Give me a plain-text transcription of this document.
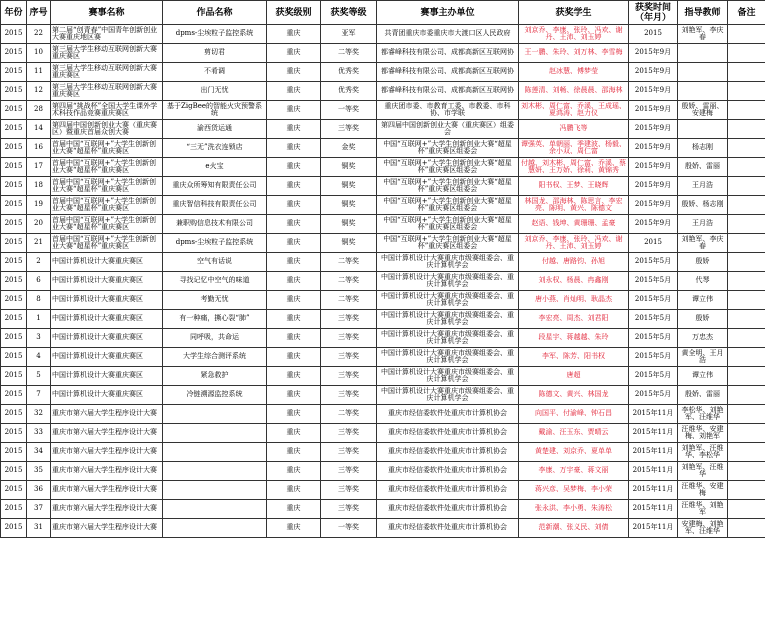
年份	序号	赛事名称	作品名称	获奖级别	获奖等级	赛事主办单位	获奖学生	获奖时间（年月）	指导教师	备注
2015	22	第二届“创青春”中国青年创新创业大赛重庆地区赛	dpms-尘埃粒子监控系统	重庆	亚军	共青团重庆市委重庆市大渡口区人民政府	刘京乔、李康、张玲、冯欢、谢丹、王沛、刘玉婷	2015	刘艳军、李庆春	
2015	10	第三届大学生移动互联网创新大赛重庆赛区	剪切君	重庆	二等奖	都睿峰科技有限公司、成都高新区互联网协	王一鹏、朱玲、刘万林、李雪梅	2015年9月		
2015	11	第三届大学生移动互联网创新大赛重庆赛区	不肴调	重庆	优秀奖	都睿峰科技有限公司、成都高新区互联网协	赵冰慧、傅梦莹	2015年9月		
2015	12	第三届大学生移动互联网创新大赛重庆赛区	出门无忧	重庆	优秀奖	都睿峰科技有限公司、成都高新区互联网协	陈莲清、刘畅、徐晨晨、邵海林	2015年9月		
2015	28	第四届“挑战杯”全国大学生课外学术科技作品竞赛重庆赛区	基于ZigBee的智能火灾预警系统	重庆	一等奖	重庆团市委、市教育工委、市教委、市科协、市学联	刘木彬、周仁富、乔溪、王成瑶、夏鸿涛、赵力仪	2015年9月	殷娇、雷丽、安建梅	
2015	14	第四届中国创新创业大赛（重庆赛区）暨重庆首届众创大赛	渝西货运通	重庆	三等奖	第四届中国创新创业大赛（重庆赛区）组委会	冯鹏飞等	2015年9月		
2015	16	首届中国“互联网+”大学生创新创业大赛“超星杯”重庆赛区	“三无”洗衣连锁店	重庆	金奖	中国“互联网+”大学生创新创业大赛“超星杯”重庆赛区组委会	谭强英、单朝丽、季建波、杨毅、余小双、周仁富	2015年9月	杨志刚	
2015	17	首届中国“互联网+”大学生创新创业大赛“超星杯”重庆赛区	e火宝	重庆	铜奖	中国“互联网+”大学生创新创业大赛“超星杯”重庆赛区组委会	付越、刘木彬、周仁富、乔溪、蔡慧妍、王万娇、徐莉、黄锦秀	2015年9月	殷娇、雷丽	
2015	18	首届中国“互联网+”大学生创新创业大赛“超星杯”重庆赛区	重庆众所筹知有限责任公司	重庆	铜奖	中国“互联网+”大学生创新创业大赛“超星杯”重庆赛区组委会	阳书权、王梦、王晓辉	2015年9月	王月浩	
2015	19	首届中国“互联网+”大学生创新创业大赛“超星杯”重庆赛区	重庆智信科技有限责任公司	重庆	铜奖	中国“互联网+”大学生创新创业大赛“超星杯”重庆赛区组委会	林国龙、邵海林、陈思言、李宏亮、陈明、黄兴、陈德文	2015年9月	殷娇、杨志刚	
2015	20	首届中国“互联网+”大学生创新创业大赛“超星杯”重庆赛区	兼职购信息技术有限公司	重庆	铜奖	中国“互联网+”大学生创新创业大赛“超星杯”重庆赛区组委会	赵语、钱坤、黄珊珊、孟豪	2015年9月	王月浩	
2015	21	首届中国“互联网+”大学生创新创业大赛“超星杯”重庆赛区	dpms-尘埃粒子监控系统	重庆	铜奖	中国“互联网+”大学生创新创业大赛“超星杯”重庆赛区组委会	刘京乔、李康、张玲、冯欢、谢丹、王沛、刘玉婷	2015	刘艳军、李庆春	
2015	2	中国计算机设计大赛重庆赛区	空气有话说	重庆	二等奖	中国计算机设计大赛重庆市级赛组委会、重庆计算机学会	付越、唐路钧、孙旭	2015年5月	殷娇	
2015	6	中国计算机设计大赛重庆赛区	寻找记忆中空气的味道	重庆	二等奖	中国计算机设计大赛重庆市级赛组委会、重庆计算机学会	刘永权、杨晨、冉鑫刚	2015年5月	代琴	
2015	8	中国计算机设计大赛重庆赛区	考勤无忧	重庆	二等奖	中国计算机设计大赛重庆市级赛组委会、重庆计算机学会	唐小燕、肖灿明、耿晶杰	2015年5月	谭立伟	
2015	1	中国计算机设计大赛重庆赛区	有一种痛，撕心裂“肺”	重庆	三等奖	中国计算机设计大赛重庆市级赛组委会、重庆计算机学会	李宏亮、周杰、刘君阳	2015年5月	殷娇	
2015	3	中国计算机设计大赛重庆赛区	同呼吸，共命运	重庆	三等奖	中国计算机设计大赛重庆市级赛组委会、重庆计算机学会	段星宇、蒋越越、朱玲	2015年5月	万忠杰	
2015	4	中国计算机设计大赛重庆赛区	大学生综合测评系统	重庆	三等奖	中国计算机设计大赛重庆市级赛组委会、重庆计算机学会	李军、陈芳、阳书权	2015年5月	黄全明、王月浩	
2015	5	中国计算机设计大赛重庆赛区	紧急救护	重庆	三等奖	中国计算机设计大赛重庆市级赛组委会、重庆计算机学会	唐超	2015年5月	谭立伟	
2015	7	中国计算机设计大赛重庆赛区	冷链溯源监控系统	重庆	三等奖	中国计算机设计大赛重庆市级赛组委会、重庆计算机学会	陈德文、黄兴、林国龙	2015年5月	殷娇、雷丽	
2015	32	重庆市第六届大学生程序设计大赛		重庆	二等奖	重庆市经信委软件处重庆市计算机协会	向国平、付渝峰、钟石昌	2015年11月	李松华、刘艳军、汪维华	
2015	33	重庆市第六届大学生程序设计大赛		重庆	三等奖	重庆市经信委软件处重庆市计算机协会	戴渝、汪玉东、贾晴云	2015年11月	汪维华、安建梅、刘艳军	
2015	34	重庆市第六届大学生程序设计大赛		重庆	三等奖	重庆市经信委软件处重庆市计算机协会	黄楚建、刘京乔、夏单单	2015年11月	刘艳军、汪维华、李松华	
2015	35	重庆市第六届大学生程序设计大赛		重庆	三等奖	重庆市经信委软件处重庆市计算机协会	李康、万宇豪、蒋文丽	2015年11月	刘艳军、汪维华	
2015	36	重庆市第六届大学生程序设计大赛		重庆	三等奖	重庆市经信委软件处重庆市计算机协会	蒋兴彦、吴梦梅、李小荣	2015年11月	汪维华、安建梅	
2015	37	重庆市第六届大学生程序设计大赛		重庆	三等奖	重庆市经信委软件处重庆市计算机协会	张永洪、李小勇、朱涛松	2015年11月	汪维华、刘艳军	
2015	31	重庆市第六届大学生程序设计大赛		重庆	一等奖	重庆市经信委软件处重庆市计算机协会	范新潮、张义民、刘倩	2015年11月	安建梅、刘艳军、汪维华	
